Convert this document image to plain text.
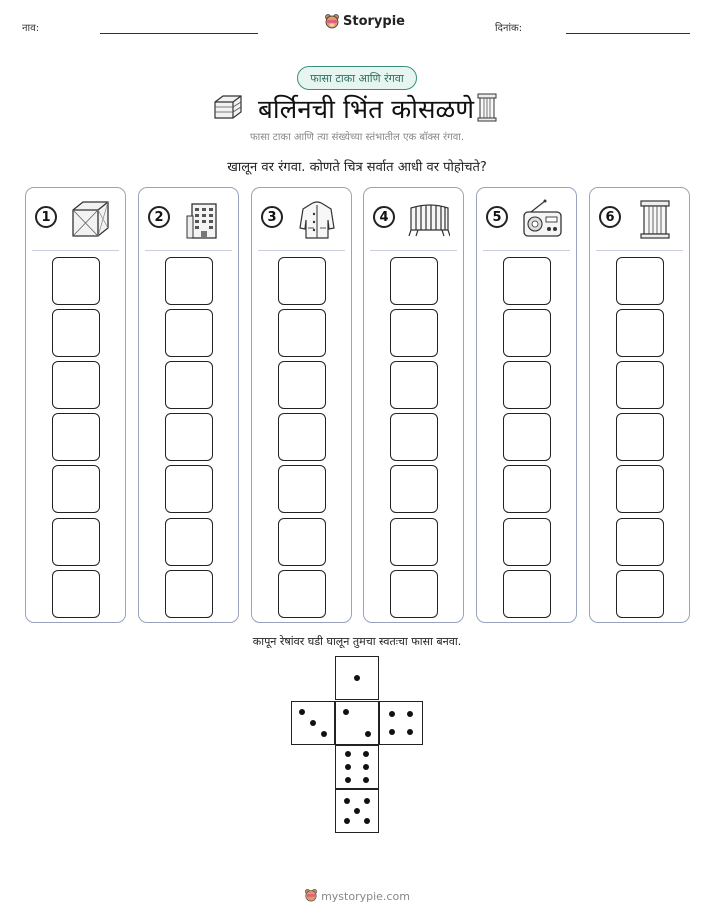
नाव:	Storypie	दिनांक:
फासा टाका आणि रंगवा
बर्लिनची भिंत कोसळणे
फासा टाका आणि त्या संख्येच्या स्तंभातील एक बॉक्स रंगवा.
खालून वर रंगवा. कोणते चित्र सर्वात आधी वर पोहोचते?
1	2	3	4	5	6
कापून रेषांवर घडी घालून तुमचा स्वतःचा फासा बनवा.
mystorypie.com
